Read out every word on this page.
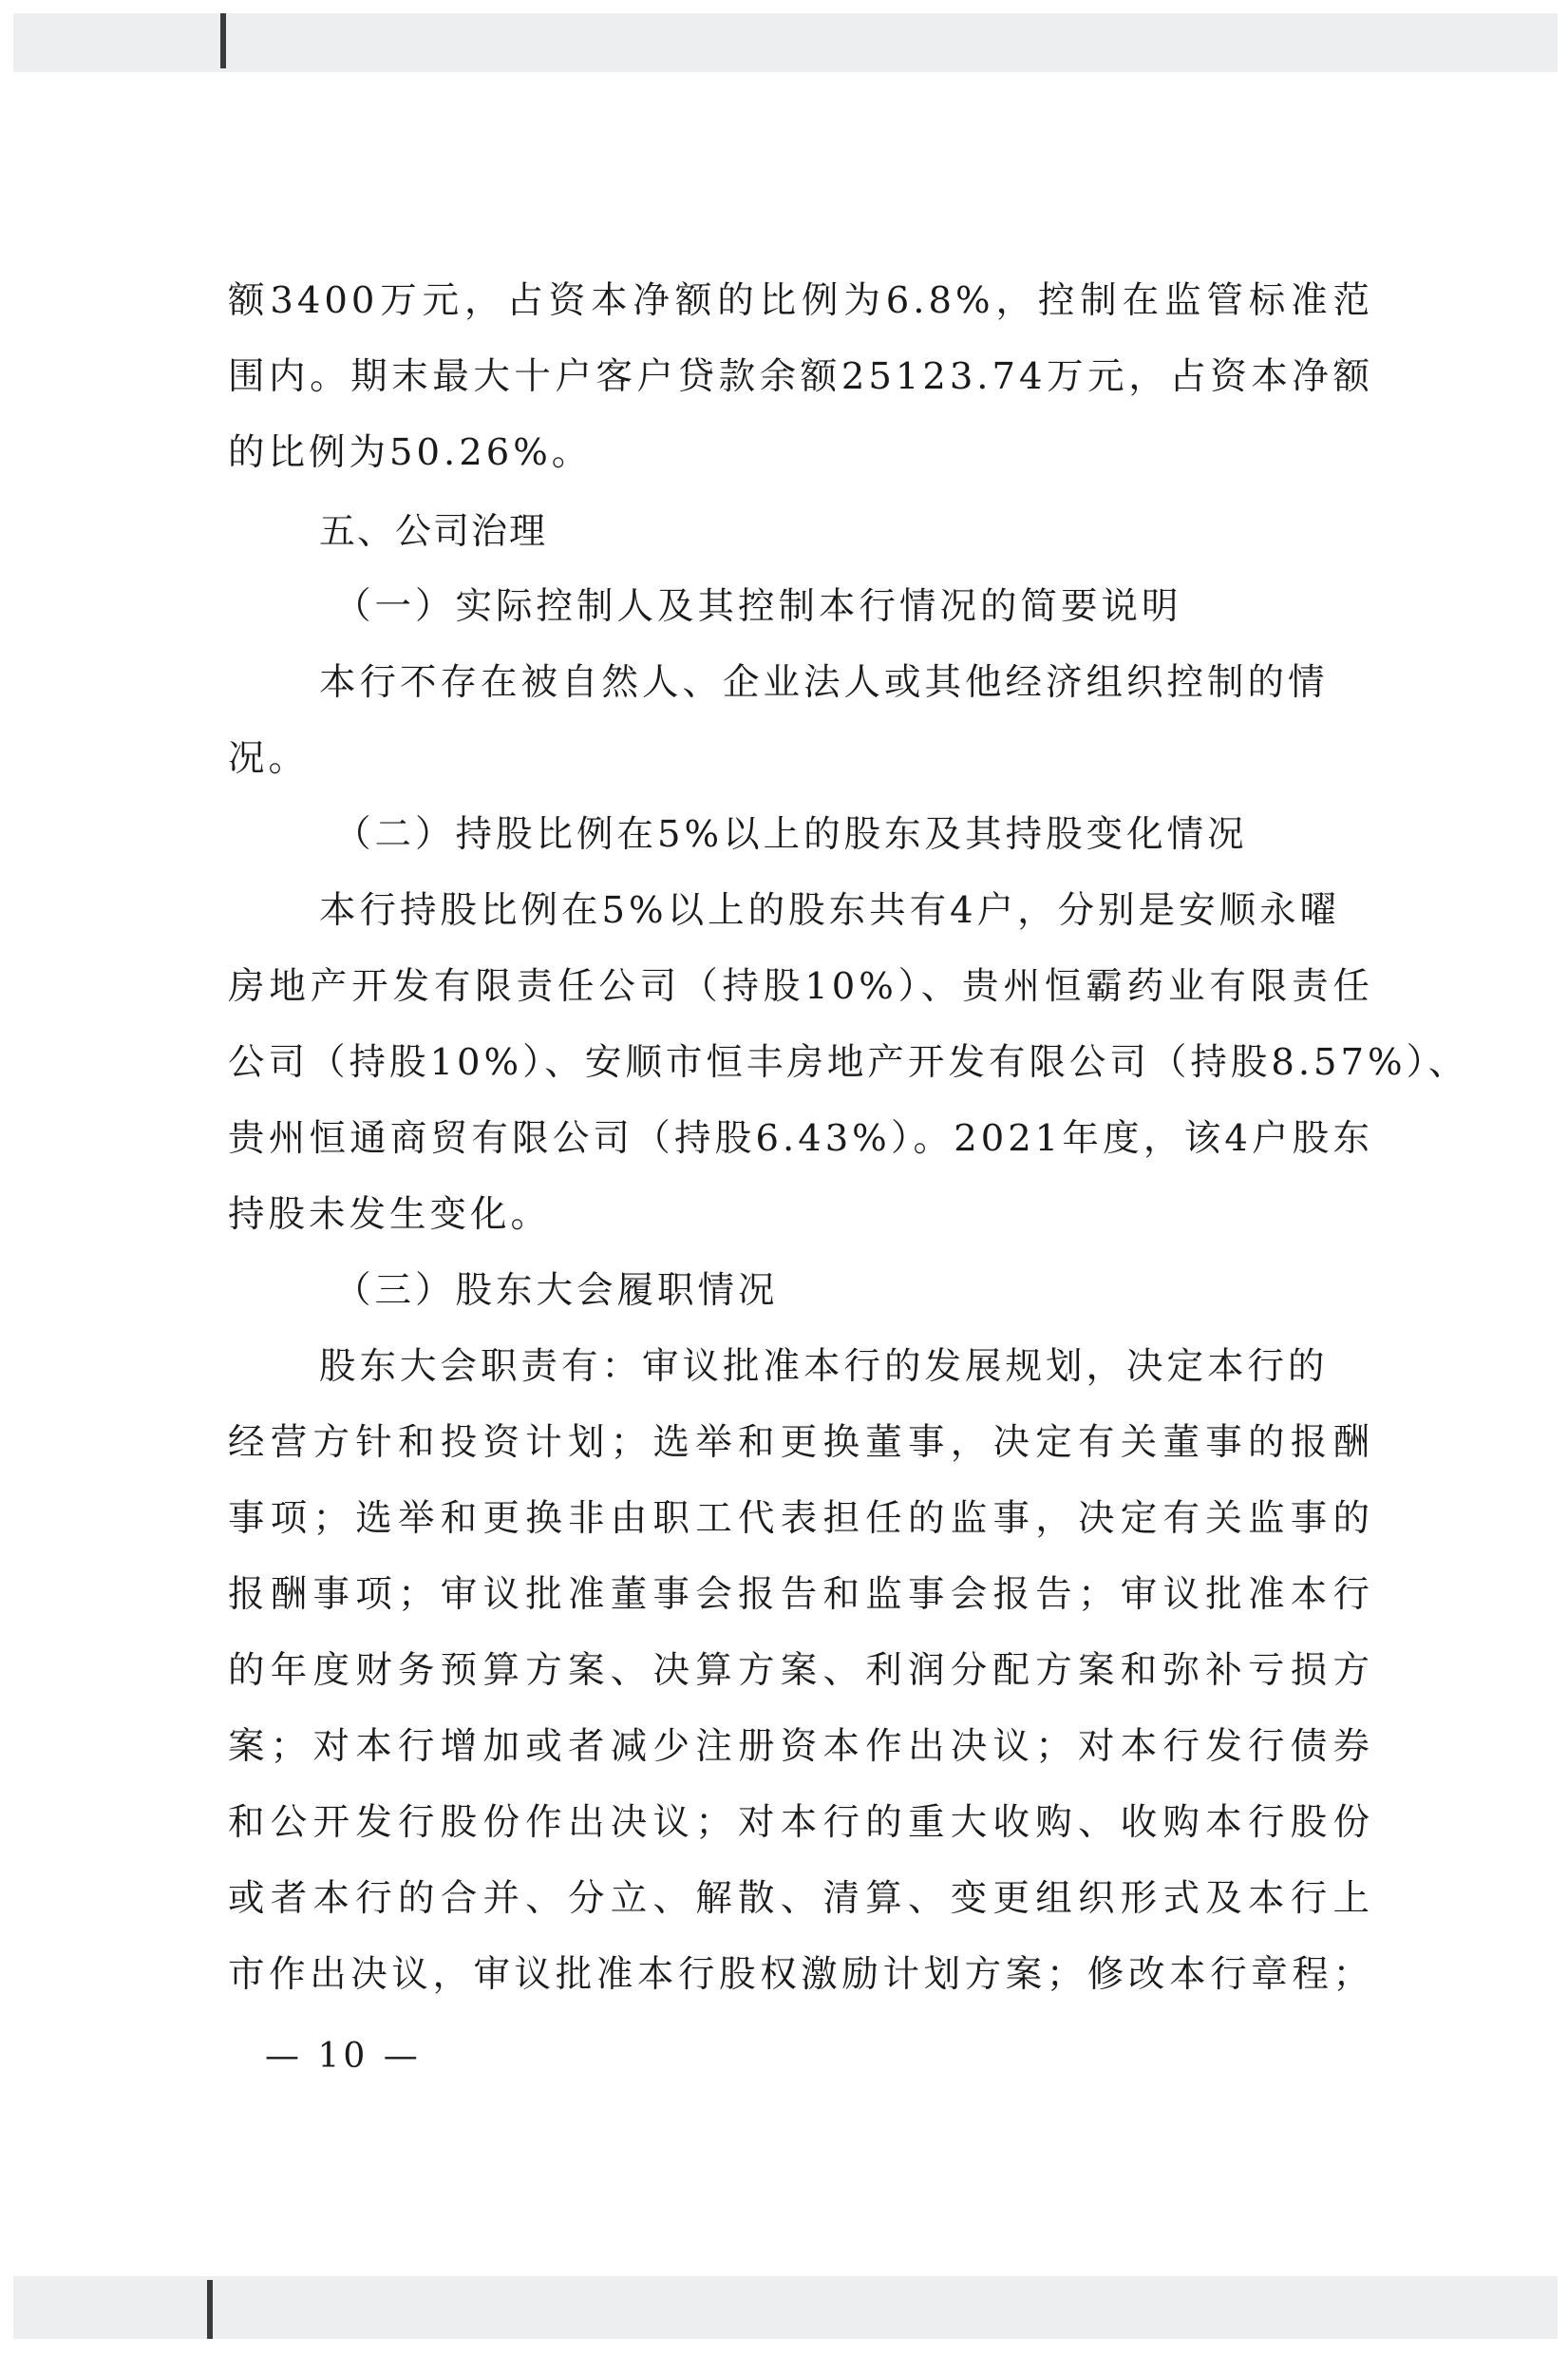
额3400万元，占资本净额的比例为6.8%，控制在监管标准范
围内。期末最大十户客户贷款余额25123.74万元，占资本净额
的比例为50.26%。
五、公司治理
（一）实际控制人及其控制本行情况的简要说明
本行不存在被自然人、企业法人或其他经济组织控制的情
况。
（二）持股比例在5%以上的股东及其持股变化情况
本行持股比例在5%以上的股东共有4户，分别是安顺永曜
房地产开发有限责任公司（持股10%）、贵州恒霸药业有限责任
公司（持股10%）、安顺市恒丰房地产开发有限公司（持股8.57%）、
贵州恒通商贸有限公司（持股6.43%）。2021年度，该4户股东
持股未发生变化。
（三）股东大会履职情况
股东大会职责有：审议批准本行的发展规划，决定本行的
经营方针和投资计划；选举和更换董事，决定有关董事的报酬
事项；选举和更换非由职工代表担任的监事，决定有关监事的
报酬事项；审议批准董事会报告和监事会报告；审议批准本行
的年度财务预算方案、决算方案、利润分配方案和弥补亏损方
案；对本行增加或者减少注册资本作出决议；对本行发行债券
和公开发行股份作出决议；对本行的重大收购、收购本行股份
或者本行的合并、分立、解散、清算、变更组织形式及本行上
市作出决议，审议批准本行股权激励计划方案；修改本行章程；
— 10 —
